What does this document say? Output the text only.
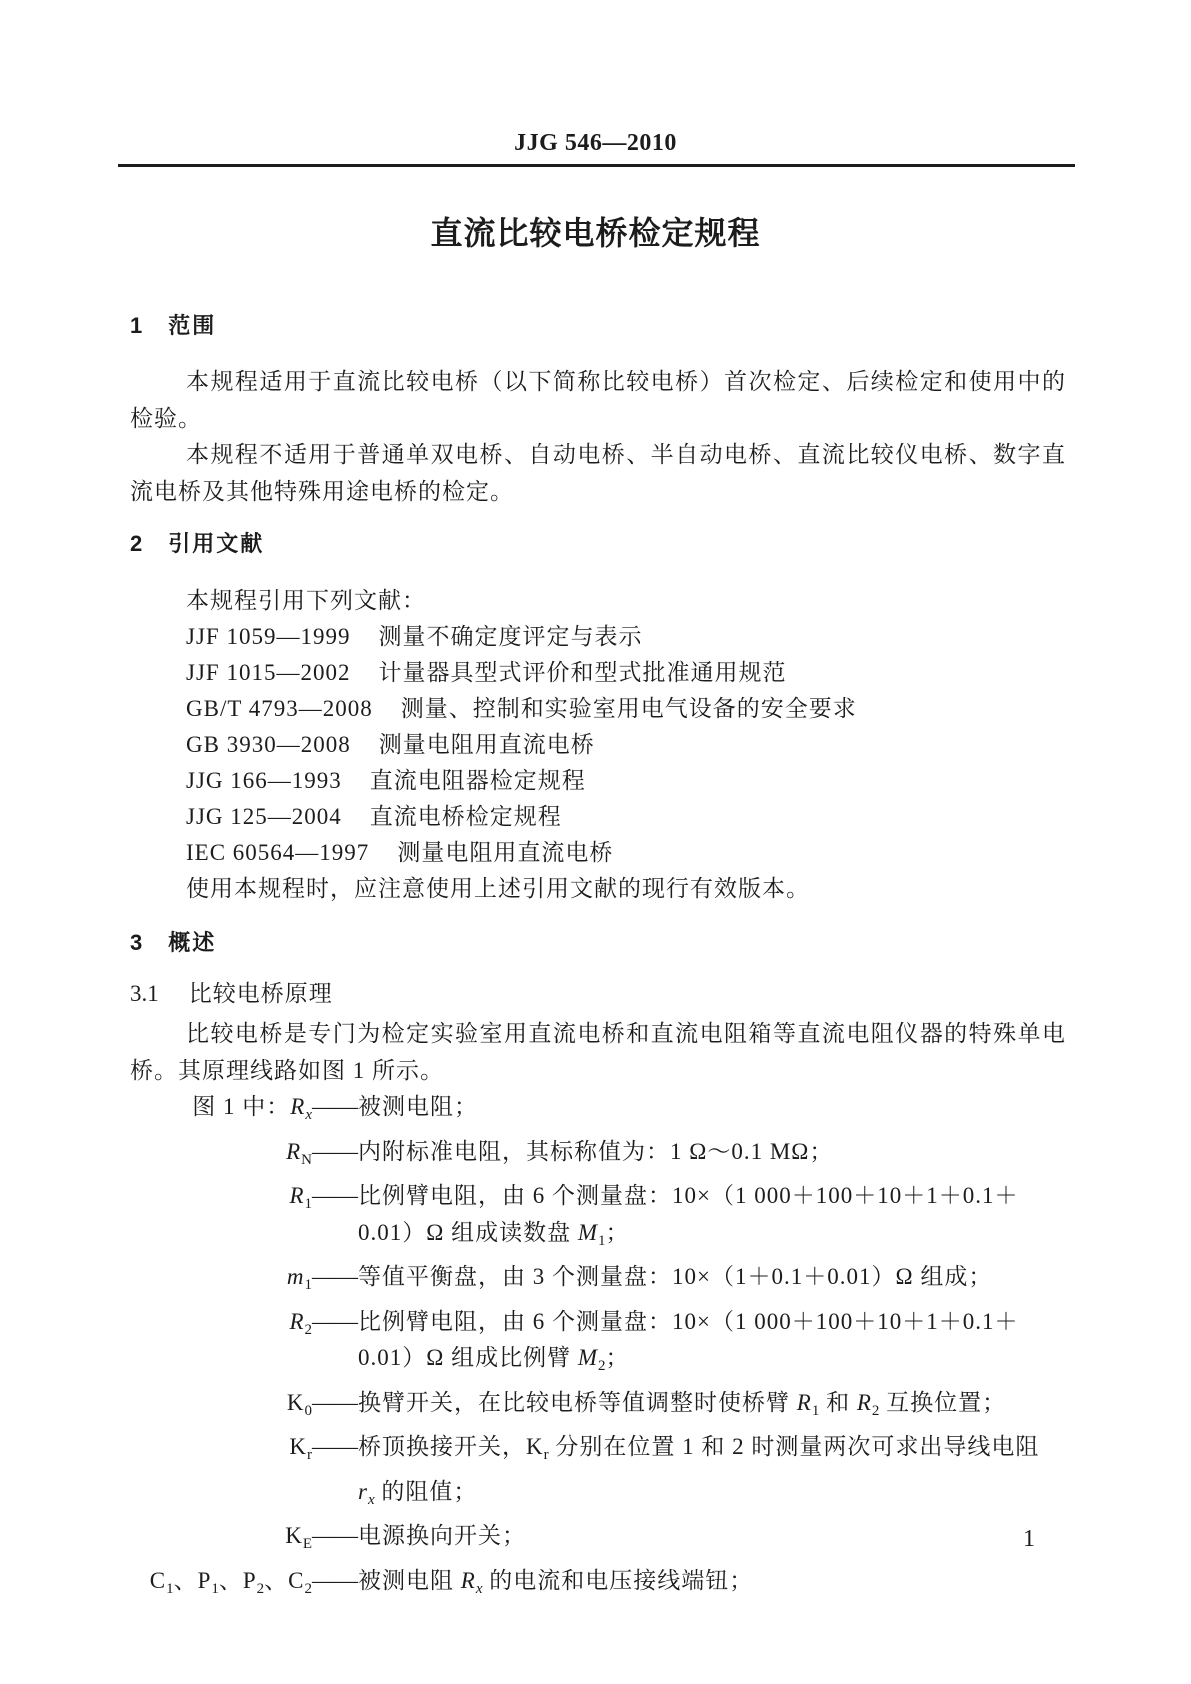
JJG 546—2010
直流比较电桥检定规程
1 范围

本规程适用于直流比较电桥（以下简称比较电桥）首次检定、后续检定和使用中的检验。

本规程不适用于普通单双电桥、自动电桥、半自动电桥、直流比较仪电桥、数字直流电桥及其他特殊用途电桥的检定。

2 引用文献
本规程引用下列文献：
JJF 1059—1999 测量不确定度评定与表示
JJF 1015—2002 计量器具型式评价和型式批准通用规范
GB/T 4793—2008 测量、控制和实验室用电气设备的安全要求
GB 3930—2008 测量电阻用直流电桥
JJG 166—1993 直流电阻器检定规程
JJG 125—2004 直流电桥检定规程
IEC 60564—1997 测量电阻用直流电桥
使用本规程时，应注意使用上述引用文献的现行有效版本。
3 概述
3.1 比较电桥原理

比较电桥是专门为检定实验室用直流电桥和直流电阻箱等直流电阻仪器的特殊单电桥。其原理线路如图 1 所示。

图 1 中：$R_x$ —— 被测电阻；
$R_N$ —— 内附标准电阻，其标称值为：1 Ω～0.1 MΩ；
$R_1$ —— 比例臂电阻，由 6 个测量盘：10×（1 000＋100＋10＋1＋0.1＋
0.01）Ω 组成读数盘 $M_1$；
$m_1$ —— 等值平衡盘，由 3 个测量盘：10×（1＋0.1＋0.01）Ω 组成；
$R_2$ —— 比例臂电阻，由 6 个测量盘：10×（1 000＋100＋10＋1＋0.1＋
0.01）Ω 组成比例臂 $M_2$；
$K_0$ —— 换臂开关，在比较电桥等值调整时使桥臂 $R_1$ 和 $R_2$ 互换位置；
$K_r$ —— 桥顶换接开关，$K_r$ 分别在位置 1 和 2 时测量两次可求出导线电阻
$r_x$ 的阻值；
$K_E$ —— 电源换向开关；
$C_1$、$P_1$、$P_2$、$C_2$ —— 被测电阻 $R_x$ 的电流和电压接线端钮；
1
